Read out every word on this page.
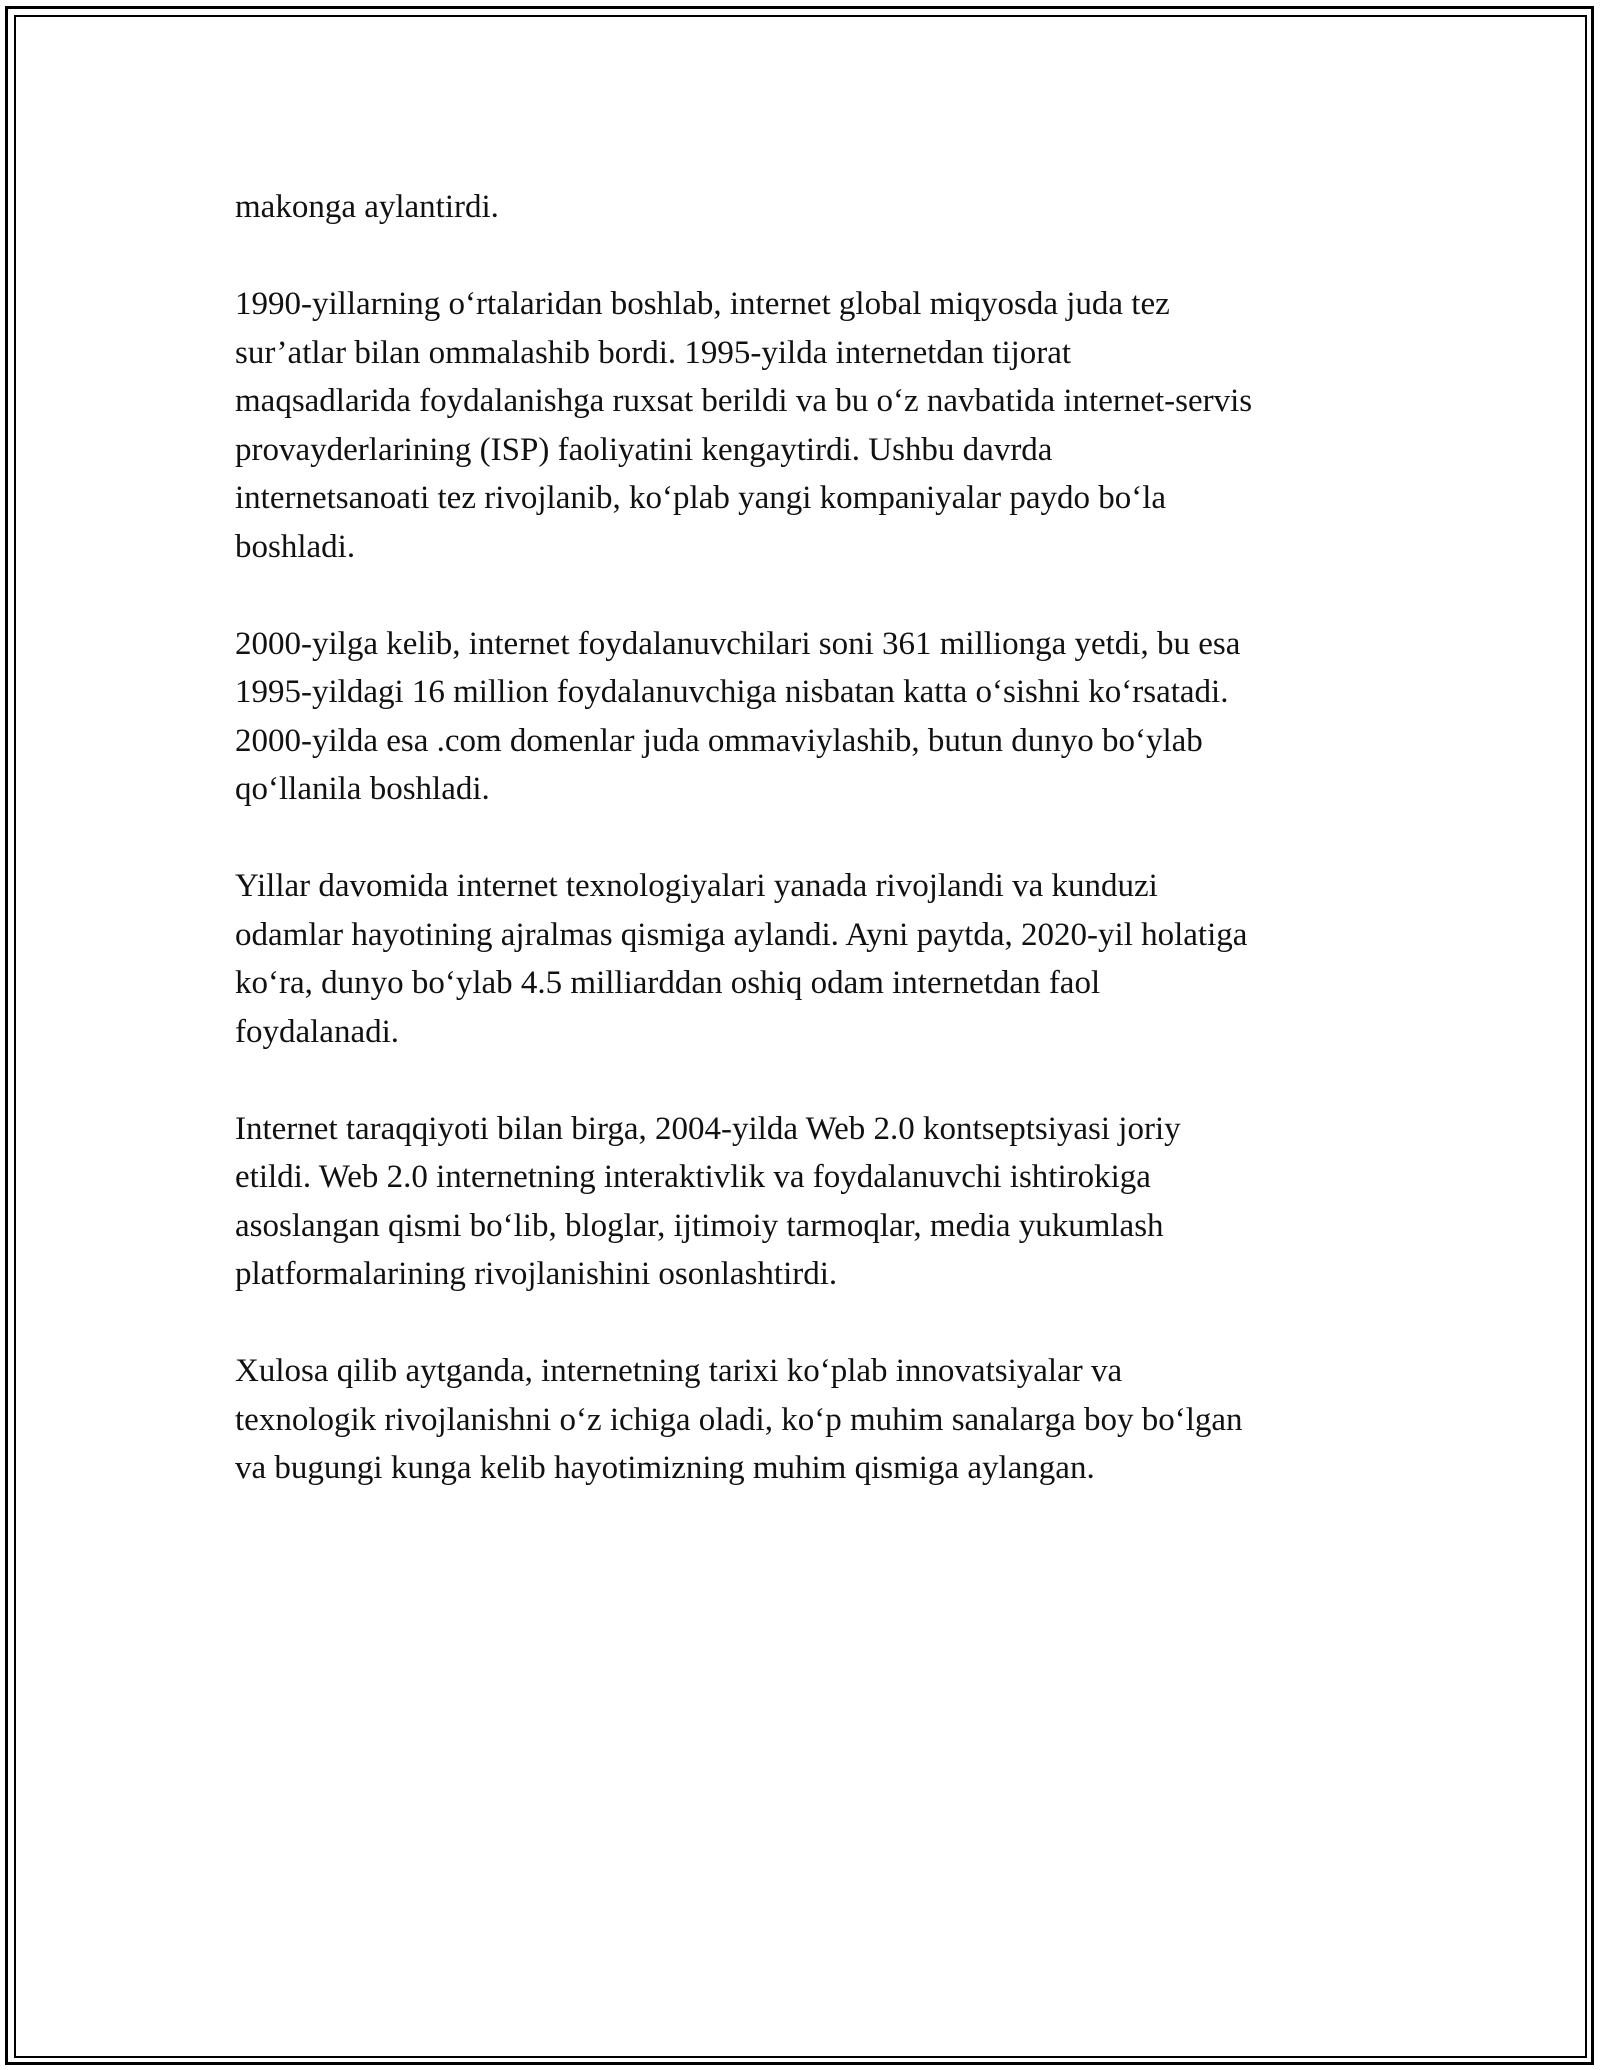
makonga aylantirdi.

1990-yillarning o‘rtalaridan boshlab, internet global miqyosda juda tez
sur’atlar bilan ommalashib bordi. 1995-yilda internetdan tijorat
maqsadlarida foydalanishga ruxsat berildi va bu o‘z navbatida internet-servis
provayderlarining (ISP) faoliyatini kengaytirdi. Ushbu davrda
internetsanoati tez rivojlanib, ko‘plab yangi kompaniyalar paydo bo‘la
boshladi.

2000-yilga kelib, internet foydalanuvchilari soni 361 millionga yetdi, bu esa
1995-yildagi 16 million foydalanuvchiga nisbatan katta o‘sishni ko‘rsatadi.
2000-yilda esa .com domenlar juda ommaviylashib, butun dunyo bo‘ylab
qo‘llanila boshladi.

Yillar davomida internet texnologiyalari yanada rivojlandi va kunduzi
odamlar hayotining ajralmas qismiga aylandi. Ayni paytda, 2020-yil holatiga
ko‘ra, dunyo bo‘ylab 4.5 milliarddan oshiq odam internetdan faol
foydalanadi.

Internet taraqqiyoti bilan birga, 2004-yilda Web 2.0 kontseptsiyasi joriy
etildi. Web 2.0 internetning interaktivlik va foydalanuvchi ishtirokiga
asoslangan qismi bo‘lib, bloglar, ijtimoiy tarmoqlar, media yukumlash
platformalarining rivojlanishini osonlashtirdi.

Xulosa qilib aytganda, internetning tarixi ko‘plab innovatsiyalar va
texnologik rivojlanishni o‘z ichiga oladi, ko‘p muhim sanalarga boy bo‘lgan
va bugungi kunga kelib hayotimizning muhim qismiga aylangan.
